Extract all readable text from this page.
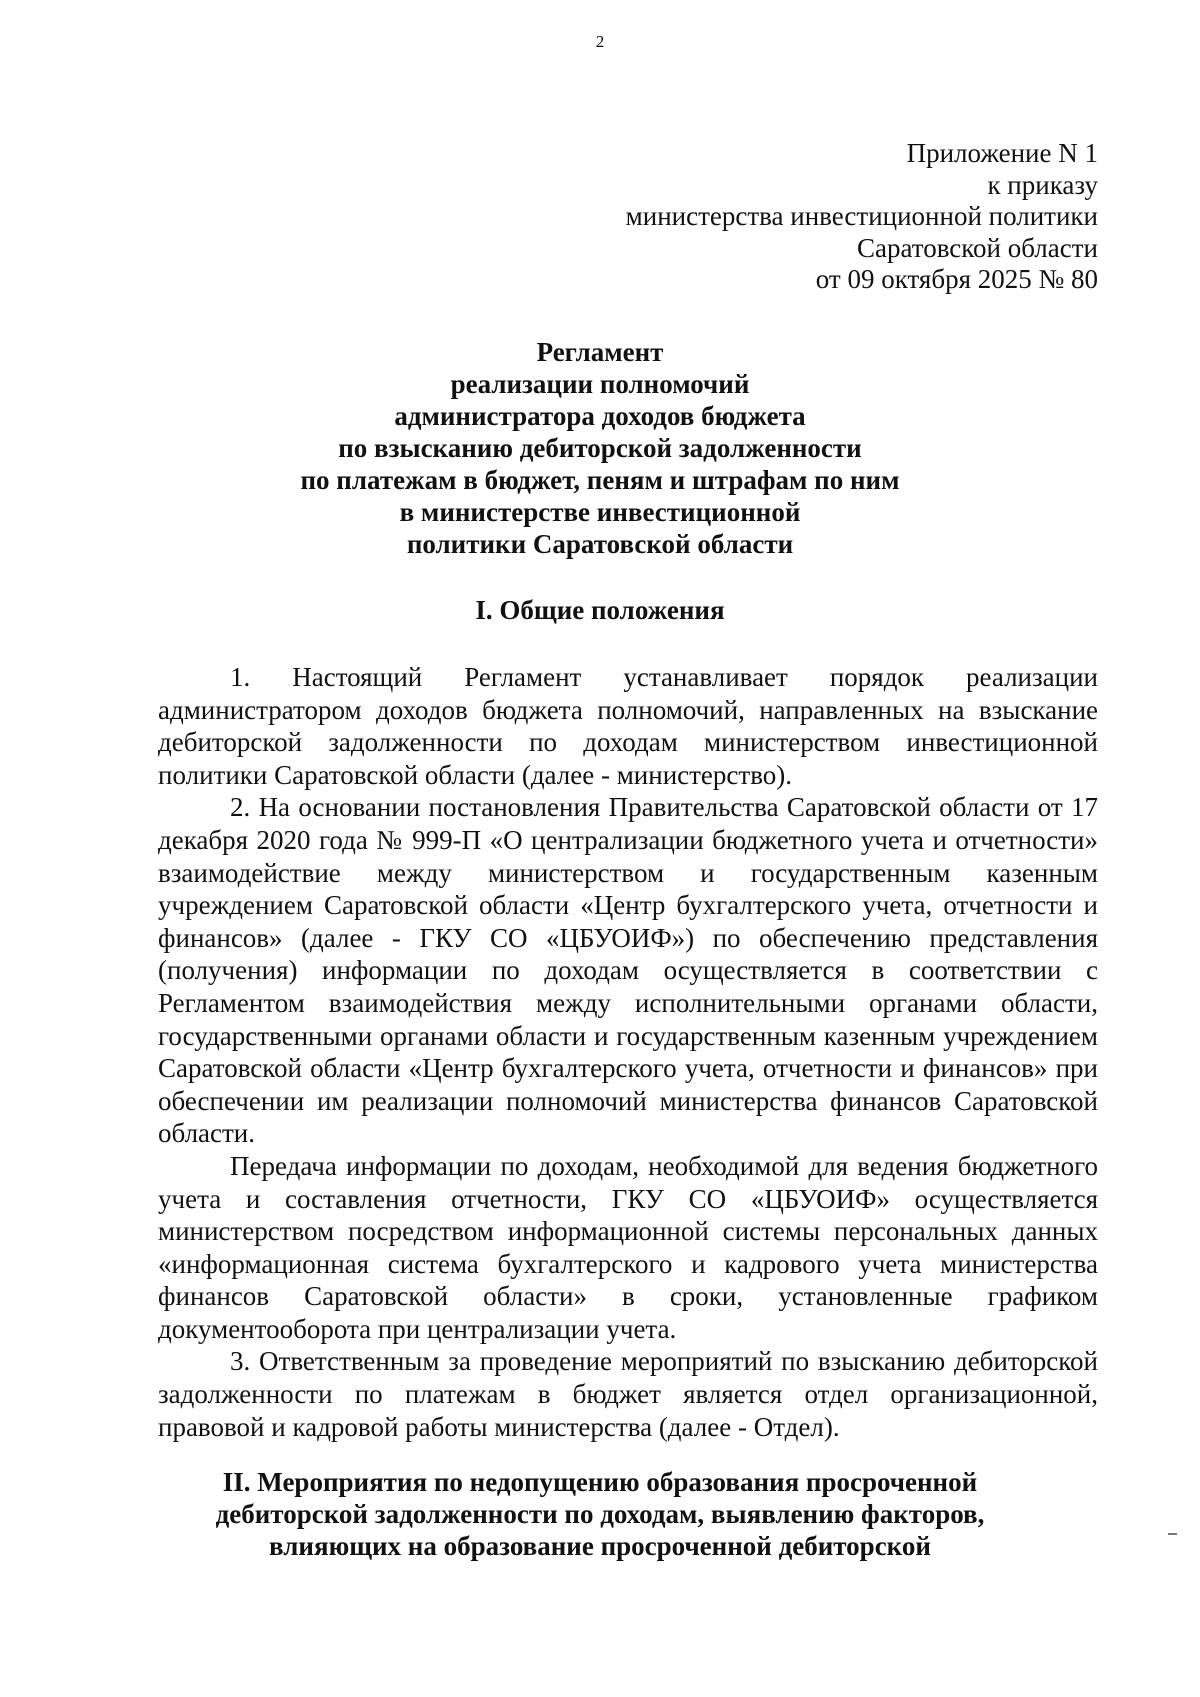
2
Приложение N 1
к приказу
министерства инвестиционной политики
Саратовской области
от 09 октября 2025 № 80
Регламент
реализации полномочий
администратора доходов бюджета
по взысканию дебиторской задолженности
по платежам в бюджет, пеням и штрафам по ним
в министерстве инвестиционной
политики Саратовской области
I. Общие положения

1. Настоящий Регламент устанавливает порядок реализации администратором доходов бюджета полномочий, направленных на взыскание дебиторской задолженности по доходам министерством инвестиционной политики Саратовской области (далее - министерство).

2. На основании постановления Правительства Саратовской области от 17 декабря 2020 года № 999-П «О централизации бюджетного учета и отчетности» взаимодействие между министерством и государственным казенным учреждением Саратовской области «Центр бухгалтерского учета, отчетности и финансов» (далее - ГКУ СО «ЦБУОИФ») по обеспечению представления (получения) информации по доходам осуществляется в соответствии с Регламентом взаимодействия между исполнительными органами области, государственными органами области и государственным казенным учреждением Саратовской области «Центр бухгалтерского учета, отчетности и финансов» при обеспечении им реализации полномочий министерства финансов Саратовской области.

Передача информации по доходам, необходимой для ведения бюджетного учета и составления отчетности, ГКУ СО «ЦБУОИФ» осуществляется министерством посредством информационной системы персональных данных «информационная система бухгалтерского и кадрового учета министерства финансов Саратовской области» в сроки, установленные графиком документооборота при централизации учета.

3. Ответственным за проведение мероприятий по взысканию дебиторской задолженности по платежам в бюджет является отдел организационной, правовой и кадровой работы министерства (далее - Отдел).

II. Мероприятия по недопущению образования просроченной
дебиторской задолженности по доходам, выявлению факторов,
влияющих на образование просроченной дебиторской
